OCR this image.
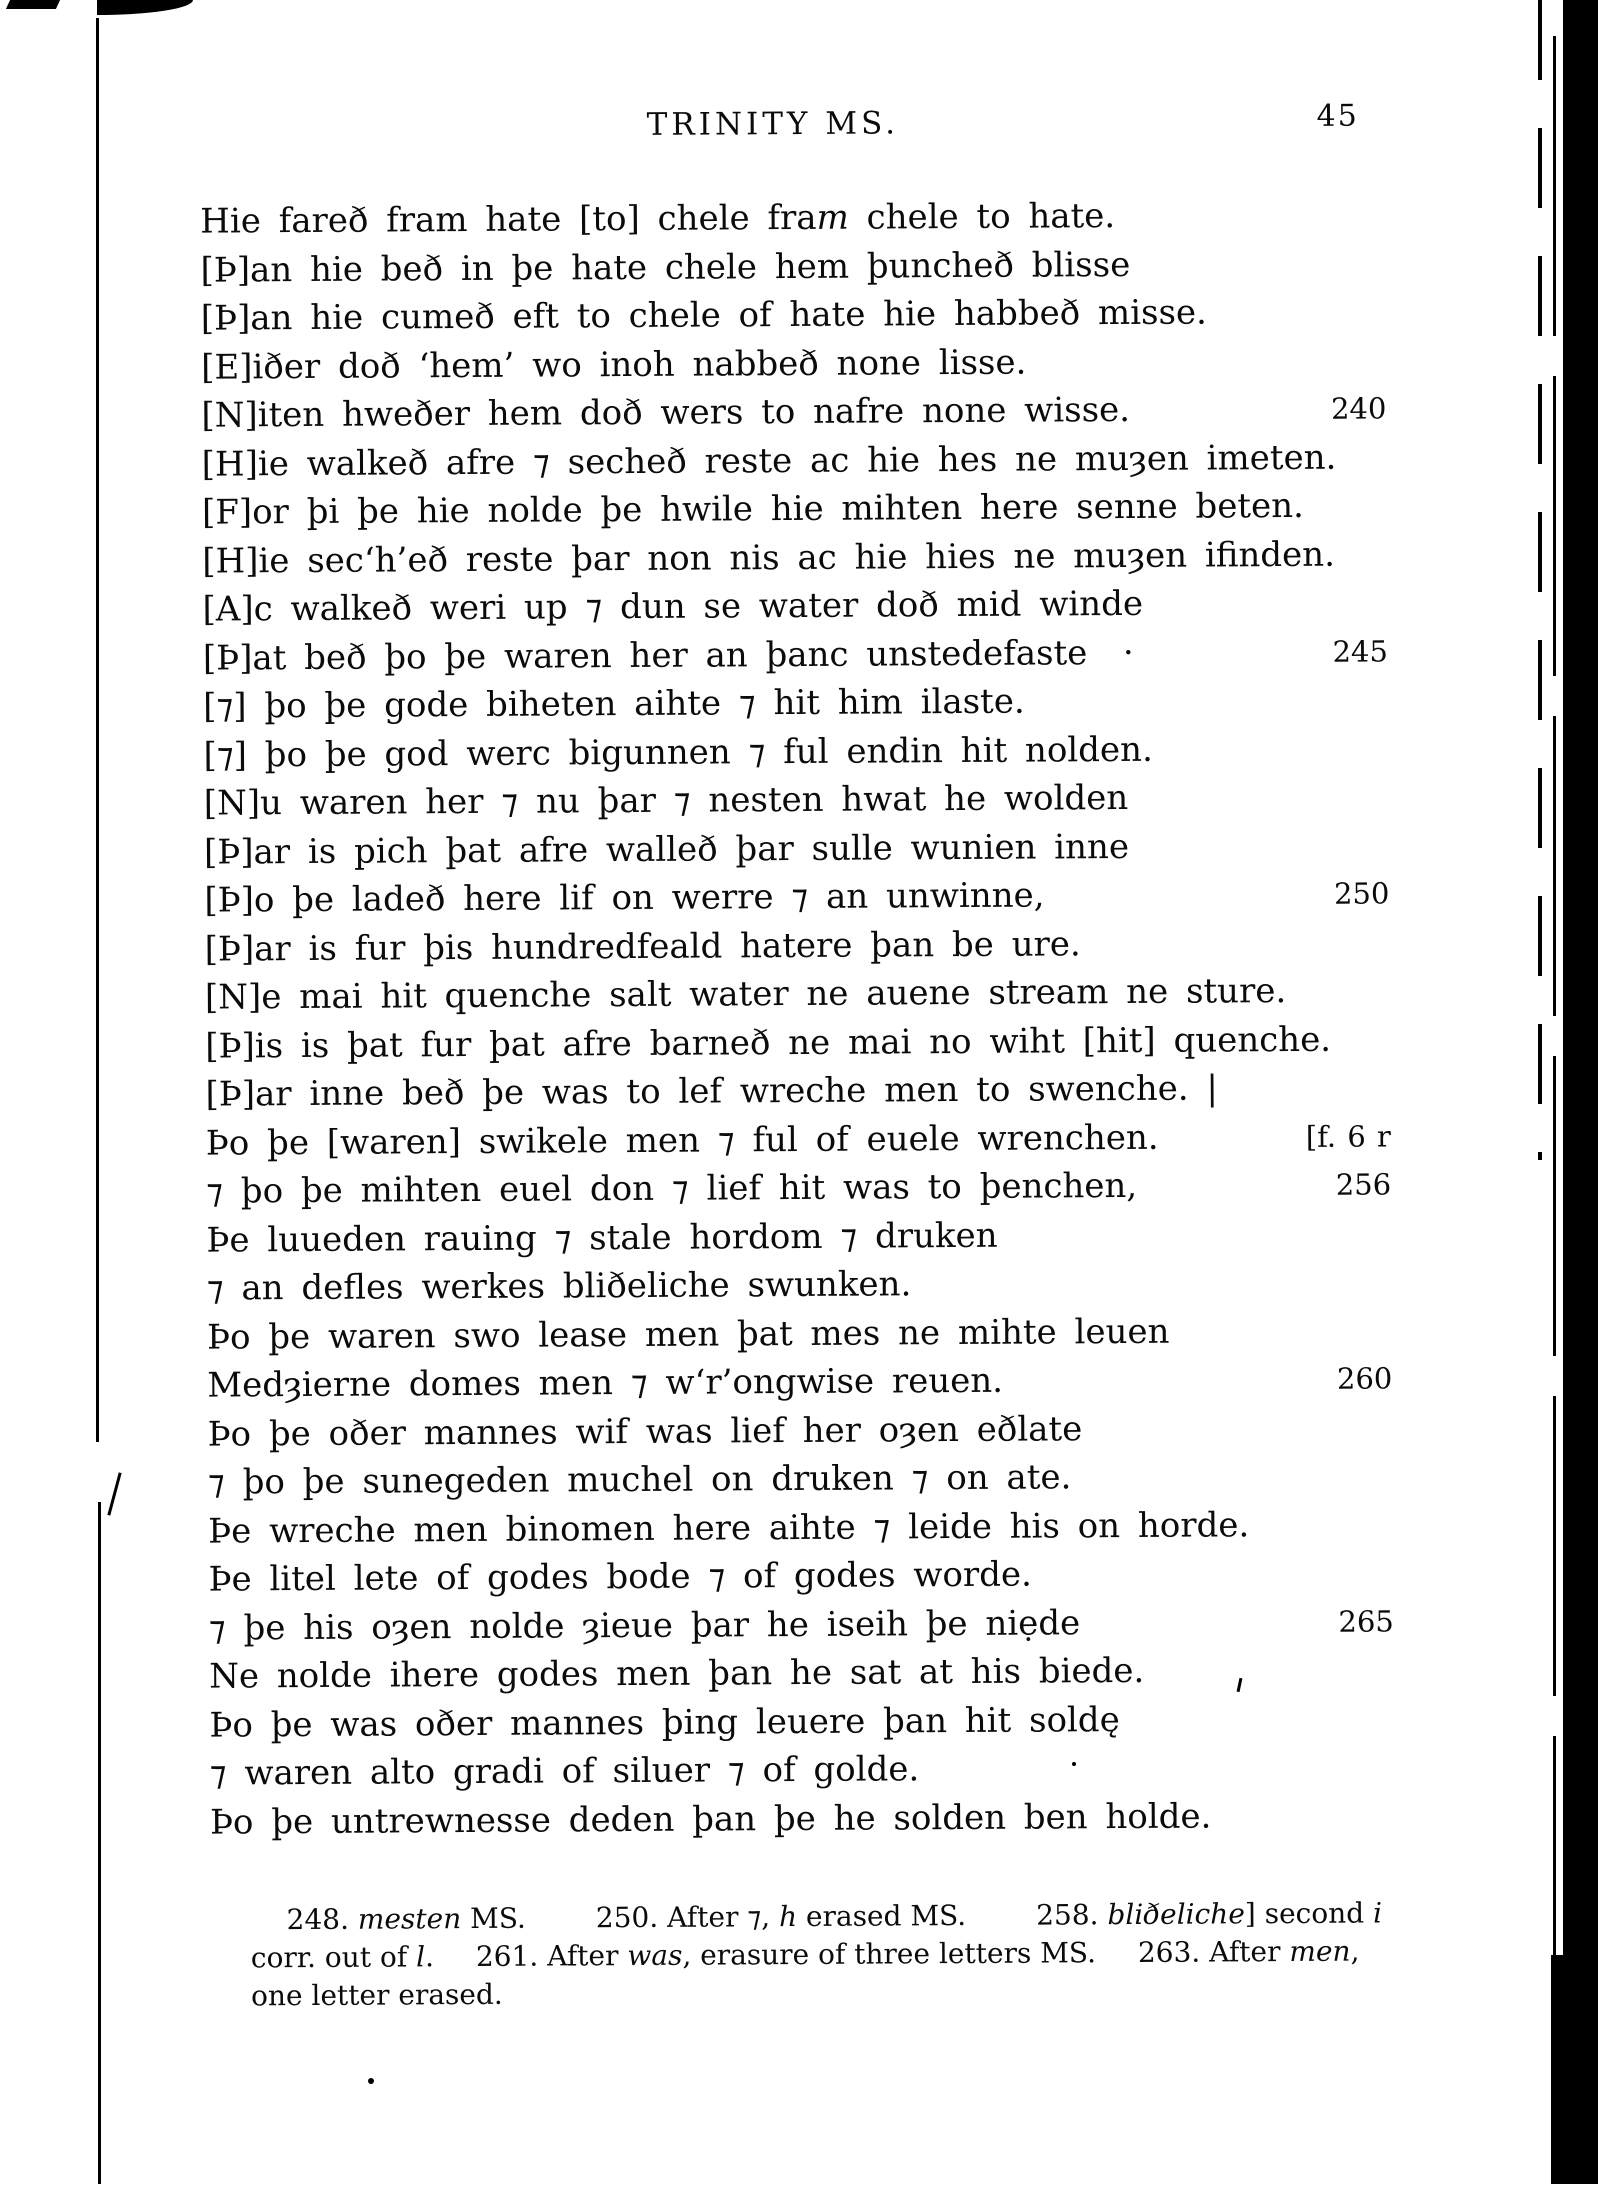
TRINITY MS.	45
Hie fareð fram hate [to] chele fram chele to hate.
[Þ]an hie beð in þe hate chele hem þuncheð blisse
[Þ]an hie cumeð eft to chele of hate hie habbeð misse.
[E]iðer doð ‘hem’ wo inoh nabbeð none lisse.
[N]iten hweðer hem doð wers to nafre none wisse.	240
[H]ie walkeð afre ⁊ secheð reste ac hie hes ne muȝen imeten.
[F]or þi þe hie nolde þe hwile hie mihten here senne beten.
[H]ie sec‘h’eð reste þar non nis ac hie hies ne muȝen ifinden.
[A]c walkeð weri up ⁊ dun se water doð mid winde
[Þ]at beð þo þe waren her an þanc unstedefaste  ·	245
[⁊] þo þe gode biheten aihte ⁊ hit him ilaste.
[⁊] þo þe god werc bigunnen ⁊ ful endin hit nolden.
[N]u waren her ⁊ nu þar ⁊ nesten hwat he wolden
[Þ]ar is pich þat afre walleð þar sulle wunien inne
[Þ]o þe ladeð here lif on werre ⁊ an unwinne,	250
[Þ]ar is fur þis hundredfeald hatere þan be ure.
[N]e mai hit quenche salt water ne auene stream ne sture.
[Þ]is is þat fur þat afre barneð ne mai no wiht [hit] quenche.
[Þ]ar inne beð þe was to lef wreche men to swenche. |
Þo þe [waren] swikele men ⁊ ful of euele wrenchen.	[f. 6 r
⁊ þo þe mihten euel don ⁊ lief hit was to þenchen,	256
Þe luueden rauing ⁊ stale hordom ⁊ druken
⁊ an defles werkes bliðeliche swunken.
Þo þe waren swo lease men þat mes ne mihte leuen
Medȝierne domes men ⁊ w‘r’ongwise reuen.	260
Þo þe oðer mannes wif was lief her oȝen eðlate
⁊ þo þe sunegeden muchel on druken ⁊ on ate.
Þe wreche men binomen here aihte ⁊ leide his on horde.
Þe litel lete of godes bode ⁊ of godes worde.
⁊ þe his oȝen nolde ȝieue þar he iseih þe niẹde	265
Ne nolde ihere godes men þan he sat at his biede.
Þo þe was oðer mannes þing leuere þan hit soldę
⁊ waren alto gradi of siluer ⁊ of golde.
Þo þe untrewnesse deden þan þe he solden ben holde.
248. mesten MS.   250. After ⁊, h erased MS.   258. bliðeliche] second i
corr. out of l.  261. After was, erasure of three letters MS.  263. After men,
one letter erased.
